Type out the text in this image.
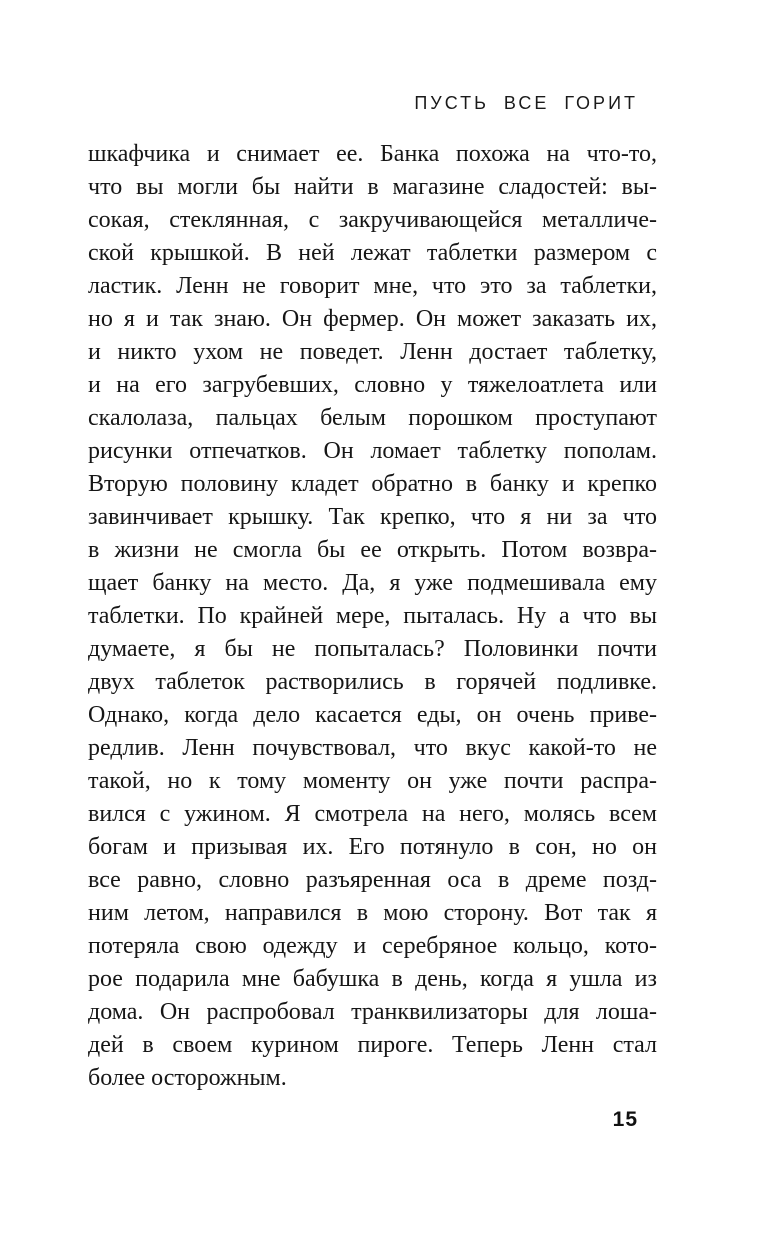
ПУСТЬ ВСЕ ГОРИТ
шкафчика и снимает ее. Банка похожа на что-то,
что вы могли бы найти в магазине сладостей: вы-
сокая, стеклянная, с закручивающейся металличе-
ской крышкой. В ней лежат таблетки размером с
ластик. Ленн не говорит мне, что это за таблетки,
но я и так знаю. Он фермер. Он может заказать их,
и никто ухом не поведет. Ленн достает таблетку,
и на его загрубевших, словно у тяжелоатлета или
скалолаза, пальцах белым порошком проступают
рисунки отпечатков. Он ломает таблетку пополам.
Вторую половину кладет обратно в банку и крепко
завинчивает крышку. Так крепко, что я ни за что
в жизни не смогла бы ее открыть. Потом возвра-
щает банку на место. Да, я уже подмешивала ему
таблетки. По крайней мере, пыталась. Ну а что вы
думаете, я бы не попыталась? Половинки почти
двух таблеток растворились в горячей подливке.
Однако, когда дело касается еды, он очень приве-
редлив. Ленн почувствовал, что вкус какой-то не
такой, но к тому моменту он уже почти распра-
вился с ужином. Я смотрела на него, молясь всем
богам и призывая их. Его потянуло в сон, но он
все равно, словно разъяренная оса в дреме позд-
ним летом, направился в мою сторону. Вот так я
потеряла свою одежду и серебряное кольцо, кото-
рое подарила мне бабушка в день, когда я ушла из
дома. Он распробовал транквилизаторы для лоша-
дей в своем курином пироге. Теперь Ленн стал
более осторожным.
15
